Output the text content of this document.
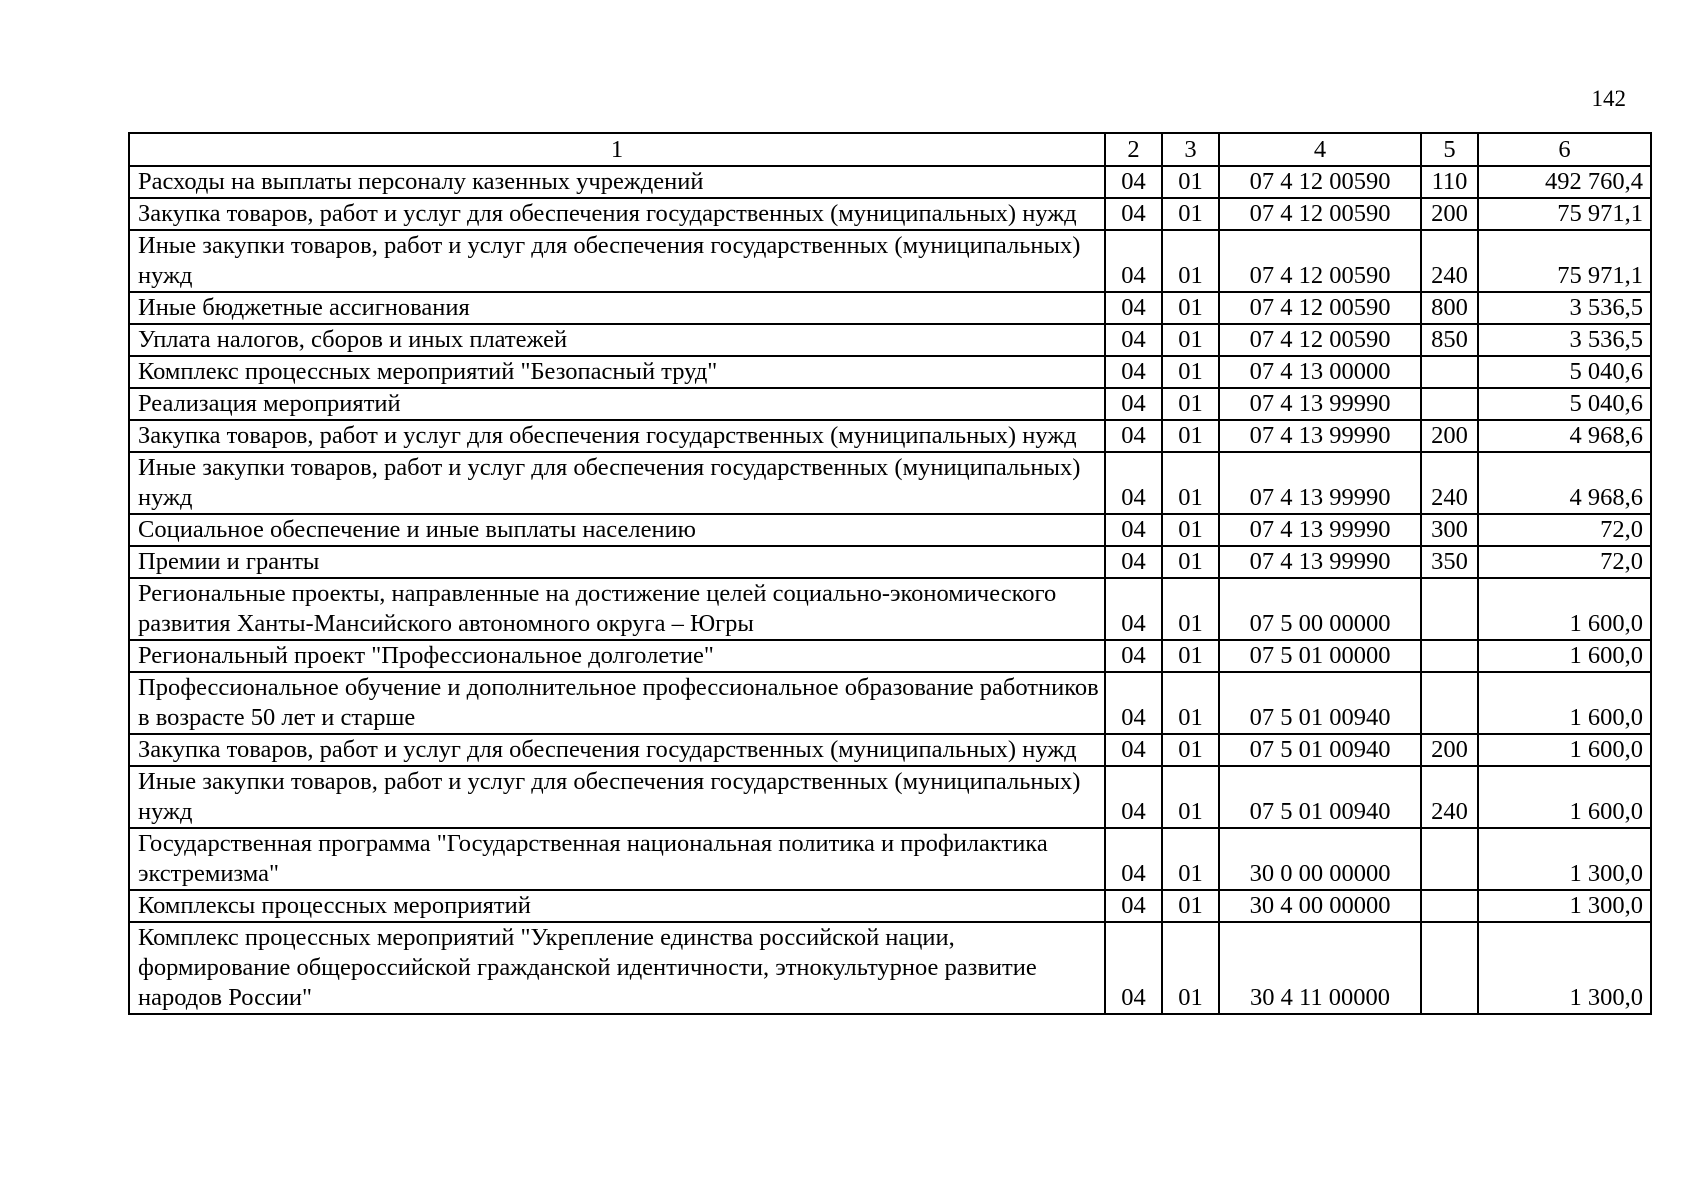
142
1	2	3	4	5	6
Расходы на выплаты персоналу казенных учреждений	04	01	07 4 12 00590	110	492 760,4
Закупка товаров, работ и услуг для обеспечения государственных (муниципальных) нужд	04	01	07 4 12 00590	200	75 971,1
Иные закупки товаров, работ и услуг для обеспечения государственных (муниципальных) нужд	04	01	07 4 12 00590	240	75 971,1
Иные бюджетные ассигнования	04	01	07 4 12 00590	800	3 536,5
Уплата налогов, сборов и иных платежей	04	01	07 4 12 00590	850	3 536,5
Комплекс процессных мероприятий "Безопасный труд"	04	01	07 4 13 00000		5 040,6
Реализация мероприятий	04	01	07 4 13 99990		5 040,6
Закупка товаров, работ и услуг для обеспечения государственных (муниципальных) нужд	04	01	07 4 13 99990	200	4 968,6
Иные закупки товаров, работ и услуг для обеспечения государственных (муниципальных) нужд	04	01	07 4 13 99990	240	4 968,6
Социальное обеспечение и иные выплаты населению	04	01	07 4 13 99990	300	72,0
Премии и гранты	04	01	07 4 13 99990	350	72,0
Региональные проекты, направленные на достижение целей социально-экономического развития Ханты-Мансийского автономного округа – Югры	04	01	07 5 00 00000		1 600,0
Региональный проект "Профессиональное долголетие"	04	01	07 5 01 00000		1 600,0
Профессиональное обучение и дополнительное профессиональное образование работников в возрасте 50 лет и старше	04	01	07 5 01 00940		1 600,0
Закупка товаров, работ и услуг для обеспечения государственных (муниципальных) нужд	04	01	07 5 01 00940	200	1 600,0
Иные закупки товаров, работ и услуг для обеспечения государственных (муниципальных) нужд	04	01	07 5 01 00940	240	1 600,0
Государственная программа "Государственная национальная политика и профилактика экстремизма"	04	01	30 0 00 00000		1 300,0
Комплексы процессных мероприятий	04	01	30 4 00 00000		1 300,0
Комплекс процессных мероприятий "Укрепление единства российской нации, формирование общероссийской гражданской идентичности, этнокультурное развитие народов России"	04	01	30 4 11 00000		1 300,0
